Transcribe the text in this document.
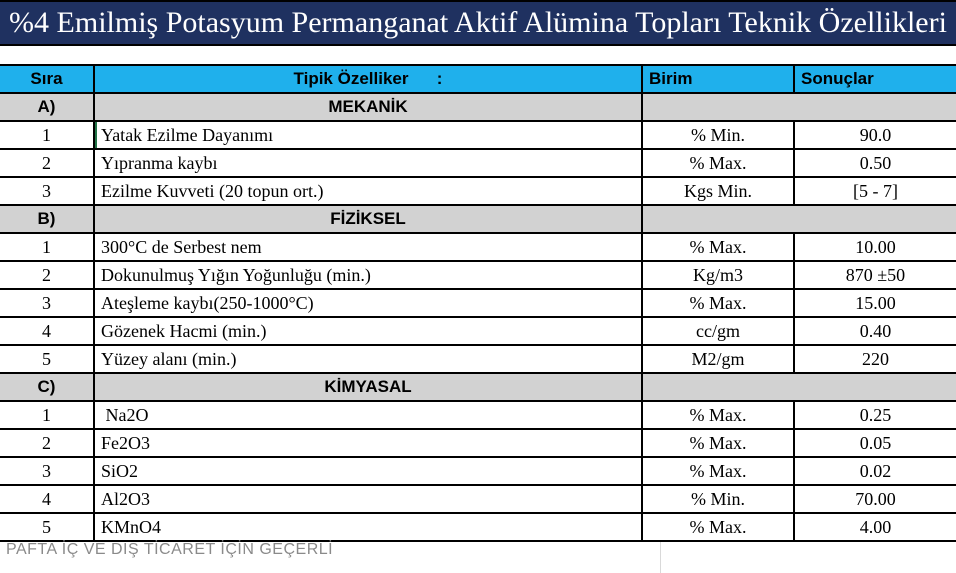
%4 Emilmiş Potasyum Permanganat Aktif Alümina Topları Teknik Özellikleri
Sıra	Tipik Özelliker      :	Birim	Sonuçlar
A)	MEKANİK
1	Yatak Ezilme Dayanımı	% Min.	90.0
2	Yıpranma kaybı	% Max.	0.50
3	Ezilme Kuvveti (20 topun ort.)	Kgs Min.	[5 - 7]
B)	FİZİKSEL
1	300°C de Serbest nem	% Max.	10.00
2	Dokunulmuş Yığın Yoğunluğu (min.)	Kg/m3	870 ±50
3	Ateşleme kaybı(250-1000°C)	% Max.	15.00
4	Gözenek Hacmi (min.)	cc/gm	0.40
5	Yüzey alanı (min.)	M2/gm	220
C)	KİMYASAL
1	Na2O	% Max.	0.25
2	Fe2O3	% Max.	0.05
3	SiO2	% Max.	0.02
4	Al2O3	% Min.	70.00
5	KMnO4	% Max.	4.00
PAFTA İÇ VE DIŞ TİCARET İÇİN GEÇERLİ
